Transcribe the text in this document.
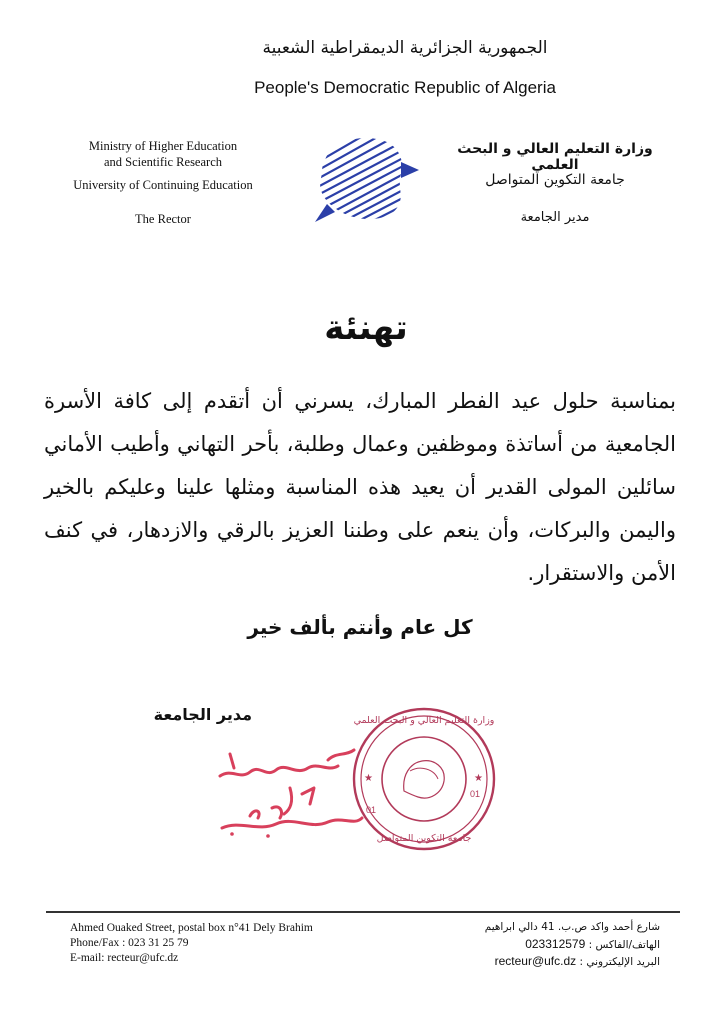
الجمهورية الجزائرية الديمقراطية الشعبية
People's Democratic Republic of Algeria
Ministry of Higher Education
and Scientific Research
University of Continuing Education
The Rector
وزارة التعليم العالي و البحث العلمي
جامعة التكوين المتواصل
مدير الجامعة
تهنئة
بمناسبة حلول عيد الفطر المبارك، يسرني أن أتقدم إلى كافة الأسرة الجامعية من أساتذة وموظفين وعمال وطلبة، بأحر التهاني وأطيب الأماني سائلين المولى القدير أن يعيد هذه المناسبة ومثلها علينا وعليكم بالخير واليمن والبركات، وأن ينعم على وطننا العزيز بالرقي والازدهار، في كنف الأمن والاستقرار.
كل عام وأنتم بألف خير
مدير الجامعة	وزارة التعليم العالي و البحث العلمي
جامعة التكوين المتواصل
01
01
★	★
Ahmed Ouaked Street, postal box n°41 Dely Brahim
Phone/Fax : 023 31 25 79
E-mail: recteur@ufc.dz
شارع أحمد واكد ص.ب. 41 دالي ابراهيم
الهاتف/الفاكس : 023312579
البريد الإليكتروني : recteur@ufc.dz
